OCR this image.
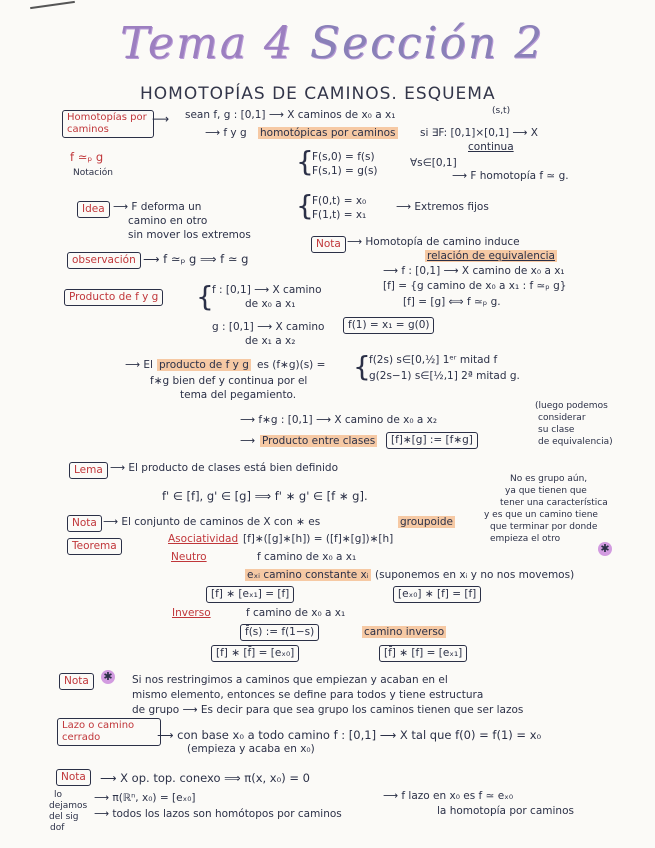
Tema 4 Sección 2
HOMOTOPÍAS DE CAMINOS. ESQUEMA
Homotopías por caminos
⟶ sean f, g : [0,1] ⟶ X caminos de x₀ a x₁	(s,t)
⟶ f y g homotópicas por caminos si ∃F: [0,1]×[0,1] ⟶ X
continua
f ≃ₚ g
Notación	{
F(s,0) = f(s)
F(s,1) = g(s)
∀s∈[0,1]
⟶ F homotopía f ≃ g.
{
F(0,t) = x₀
F(1,t) = x₁
⟶ Extremos fijos
Idea ⟶ F deforma un
camino en otro
sin mover los extremos
Nota ⟶ Homotopía de camino induce
relación de equivalencia
⟶ f : [0,1] ⟶ X camino de x₀ a x₁
[f] = {g camino de x₀ a x₁ : f ≃ₚ g}
[f] = [g] ⟺ f ≃ₚ g.
observación ⟶ f ≃ₚ g ⟹ f ≃ g
Producto de f y g {
f : [0,1] ⟶ X camino
de x₀ a x₁
g : [0,1] ⟶ X camino
de x₁ a x₂
f(1) = x₁ = g(0)
⟶ El producto de f y g es (f∗g)(s) = {
f(2s) s∈[0,½] 1ᵉʳ mitad f
g(2s−1) s∈[½,1] 2ª mitad g.
f∗g bien def y continua por el
tema del pegamiento.
⟶ f∗g : [0,1] ⟶ X camino de x₀ a x₂
⟶ Producto entre clases	[f]∗[g] := [f∗g]
(luego podemos
considerar
su clase
de equivalencia)
Lema ⟶ El producto de clases está bien definido
f' ∈ [f], g' ∈ [g] ⟹ f' ∗ g' ∈ [f ∗ g].
Nota ⟶ El conjunto de caminos de X con ∗ es	groupoide
No es grupo aún,
ya que tienen que
tener una característica
y es que un camino tiene
que terminar por donde
empieza el otro
✱
Teorema
Asociatividad [f]∗([g]∗[h]) = ([f]∗[g])∗[h]
Neutro	f camino de x₀ a x₁
eₓᵢ camino constante xᵢ (suponemos en xᵢ y no nos movemos)
[f] ∗ [eₓ₁] = [f]	[eₓ₀] ∗ [f] = [f]
Inverso	f camino de x₀ a x₁
f̄(s) := f(1−s)	camino inverso
[f] ∗ [f̄] = [eₓ₀]	[f̄] ∗ [f] = [eₓ₁]
Nota	✱ Si nos restringimos a caminos que empiezan y acaban en el
mismo elemento, entonces se define para todos y tiene estructura
de grupo ⟶ Es decir para que sea grupo los caminos tienen que ser lazos
Lazo o camino cerrado	⟶ con base x₀ a todo camino f : [0,1] ⟶ X tal que f(0) = f(1) = x₀
(empieza y acaba en x₀)
Nota	⟶ X op. top. conexo ⟹ π(x, x₀) = 0
⟶ π(ℝⁿ, x₀) = [eₓ₀]	⟶ f lazo en x₀ es f ≃ eₓ₀
⟶ todos los lazos son homótopos por caminos	la homotopía por caminos
lo
dejamos
del sig
dof
